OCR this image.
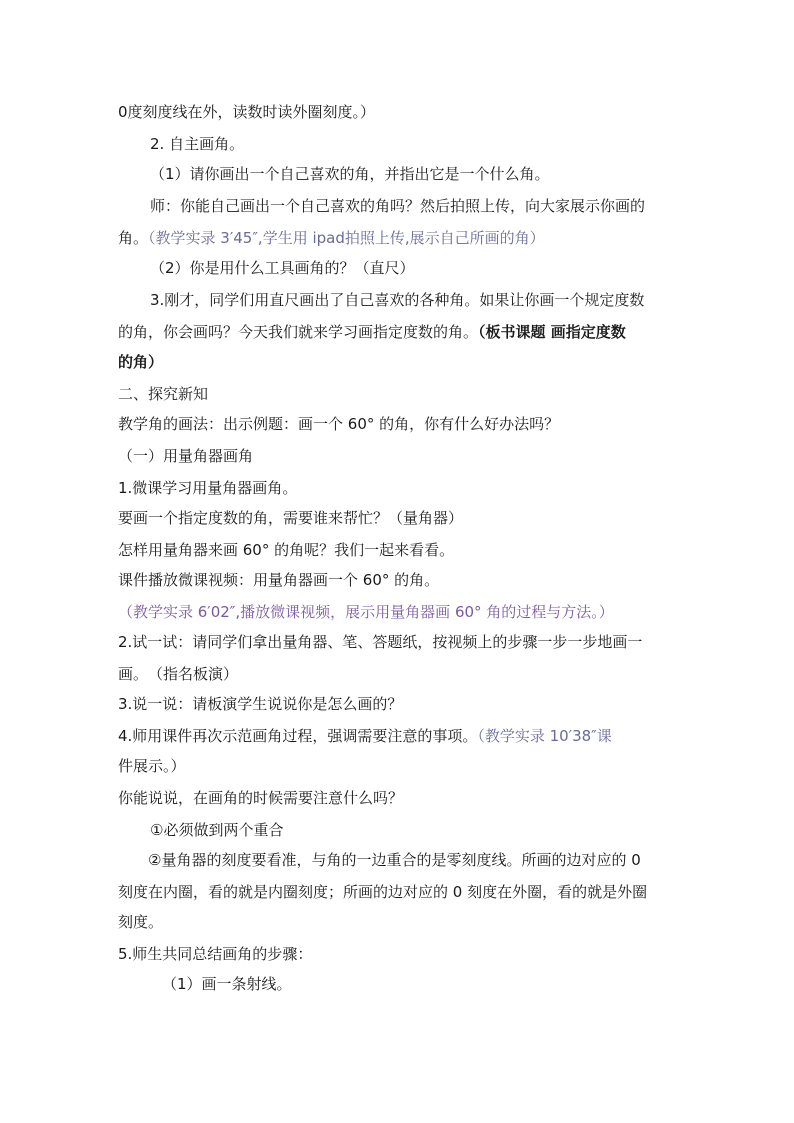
0度刻度线在外，读数时读外圈刻度。）
2. 自主画角。
（1）请你画出一个自己喜欢的角，并指出它是一个什么角。
师：你能自己画出一个自己喜欢的角吗？然后拍照上传，向大家展示你画的
角。（教学实录 3′45″,学生用 ipad拍照上传,展示自己所画的角）
（2）你是用什么工具画角的？（直尺）
3.刚才，同学们用直尺画出了自己喜欢的各种角。如果让你画一个规定度数
的角，你会画吗？今天我们就来学习画指定度数的角。（板书课题 画指定度数
的角）
二、探究新知
教学角的画法：出示例题：画一个 60° 的角，你有什么好办法吗？
（一）用量角器画角
1.微课学习用量角器画角。
要画一个指定度数的角，需要谁来帮忙？（量角器）
怎样用量角器来画 60° 的角呢？我们一起来看看。
课件播放微课视频：用量角器画一个 60° 的角。
（教学实录 6′02″,播放微课视频，展示用量角器画 60° 角的过程与方法。）
2.试一试：请同学们拿出量角器、笔、答题纸，按视频上的步骤一步一步地画一
画。　（指名板演）
3.说一说：请板演学生说说你是怎么画的？
4.师用课件再次示范画角过程，强调需要注意的事项。（教学实录 10′38″课
件展示。）
你能说说，在画角的时候需要注意什么吗？
①必须做到两个重合
②量角器的刻度要看准，与角的一边重合的是零刻度线。所画的边对应的 0
刻度在内圈，看的就是内圈刻度；所画的边对应的 0 刻度在外圈，看的就是外圈
刻度。
5.师生共同总结画角的步骤：
（1）画一条射线。
